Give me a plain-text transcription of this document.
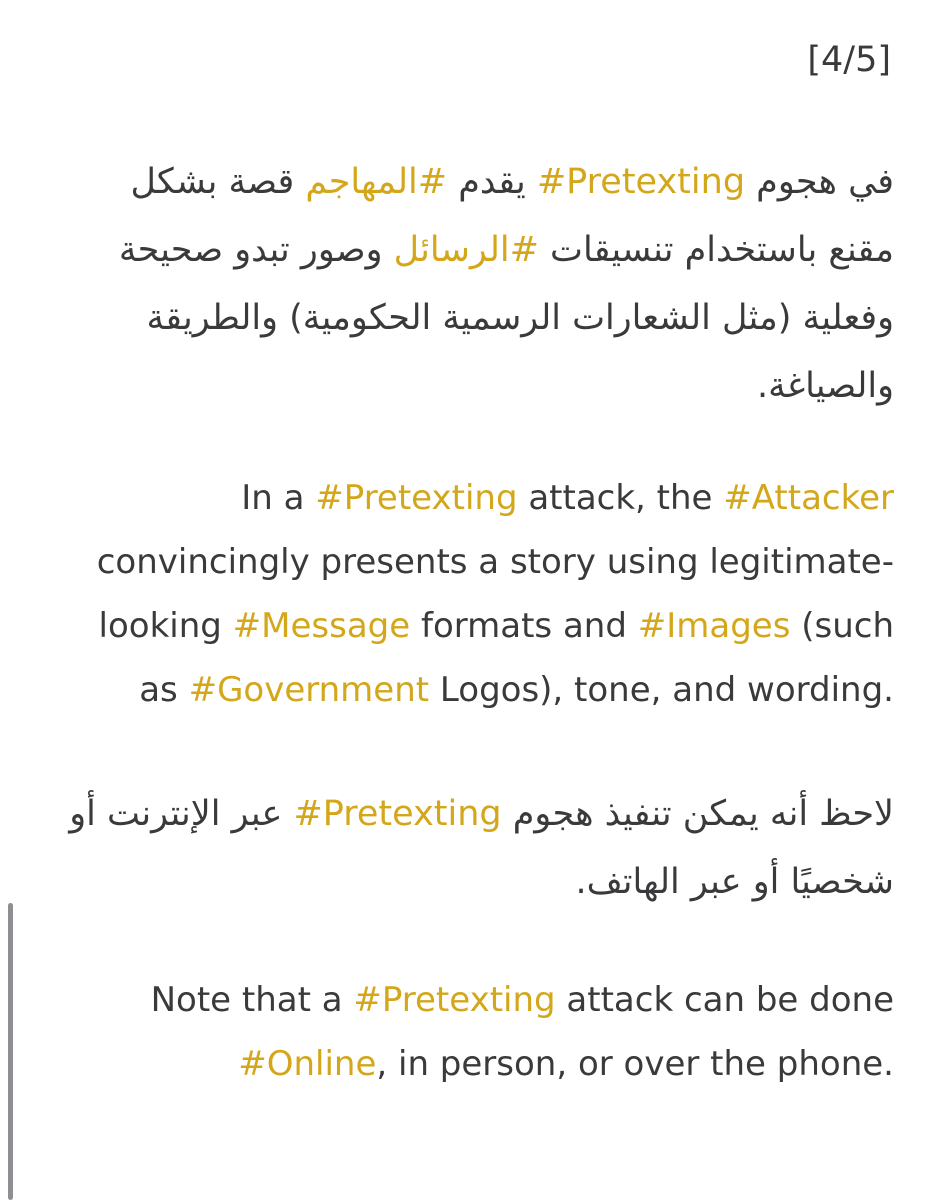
[4/5]

في هجوم #Pretexting يقدم #المهاجم قصة بشكل مقنع باستخدام تنسيقات #الرسائل وصور تبدو صحيحة وفعلية (مثل الشعارات الرسمية الحكومية) والطريقة والصياغة.

In a #Pretexting attack, the #Attacker convincingly presents a story using legitimate-looking #Message formats and #Images (such as #Government Logos), tone, and wording.

لاحظ أنه يمكن تنفيذ هجوم #Pretexting عبر الإنترنت أو شخصيًا أو عبر الهاتف.

Note that a #Pretexting attack can be done #Online, in person, or over the phone.
